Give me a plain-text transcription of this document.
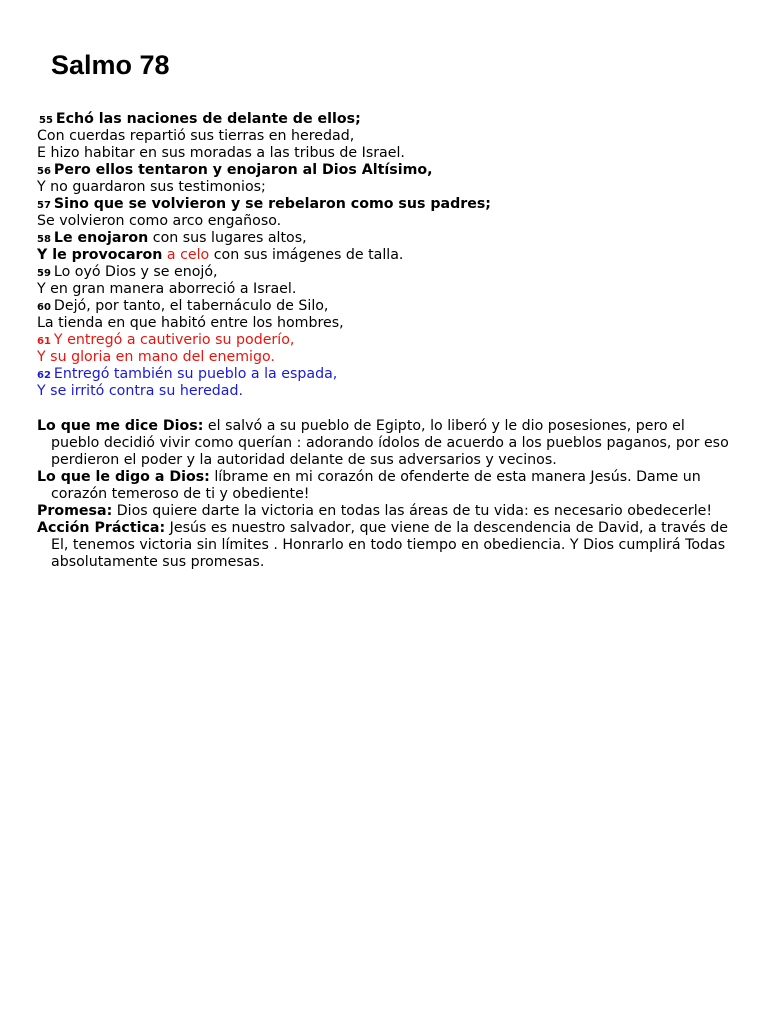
Salmo 78
55 Echó las naciones de delante de ellos;
Con cuerdas repartió sus tierras en heredad,
E hizo habitar en sus moradas a las tribus de Israel.
56 Pero ellos tentaron y enojaron al Dios Altísimo,
Y no guardaron sus testimonios;
57 Sino que se volvieron y se rebelaron como sus padres;
Se volvieron como arco engañoso.
58 Le enojaron con sus lugares altos,
Y le provocaron a celo con sus imágenes de talla.
59 Lo oyó Dios y se enojó,
Y en gran manera aborreció a Israel.
60 Dejó, por tanto, el tabernáculo de Silo,
La tienda en que habitó entre los hombres,
61 Y entregó a cautiverio su poderío,
Y su gloria en mano del enemigo.
62 Entregó también su pueblo a la espada,
Y se irritó contra su heredad.
Lo que me dice Dios: el salvó a su pueblo de Egipto, lo liberó y le dio posesiones, pero el pueblo decidió vivir como querían : adorando ídolos de acuerdo a los pueblos paganos, por eso perdieron el poder y la autoridad delante de sus adversarios y vecinos.
Lo que le digo a Dios: líbrame en mi corazón de ofenderte de esta manera Jesús. Dame un corazón temeroso de ti y obediente!
Promesa: Dios quiere darte la victoria en todas las áreas de tu vida: es necesario obedecerle!
Acción Práctica: Jesús es nuestro salvador, que viene de la descendencia de David, a través de El, tenemos victoria sin límites . Honrarlo en todo tiempo en obediencia. Y Dios cumplirá Todas absolutamente sus promesas.
